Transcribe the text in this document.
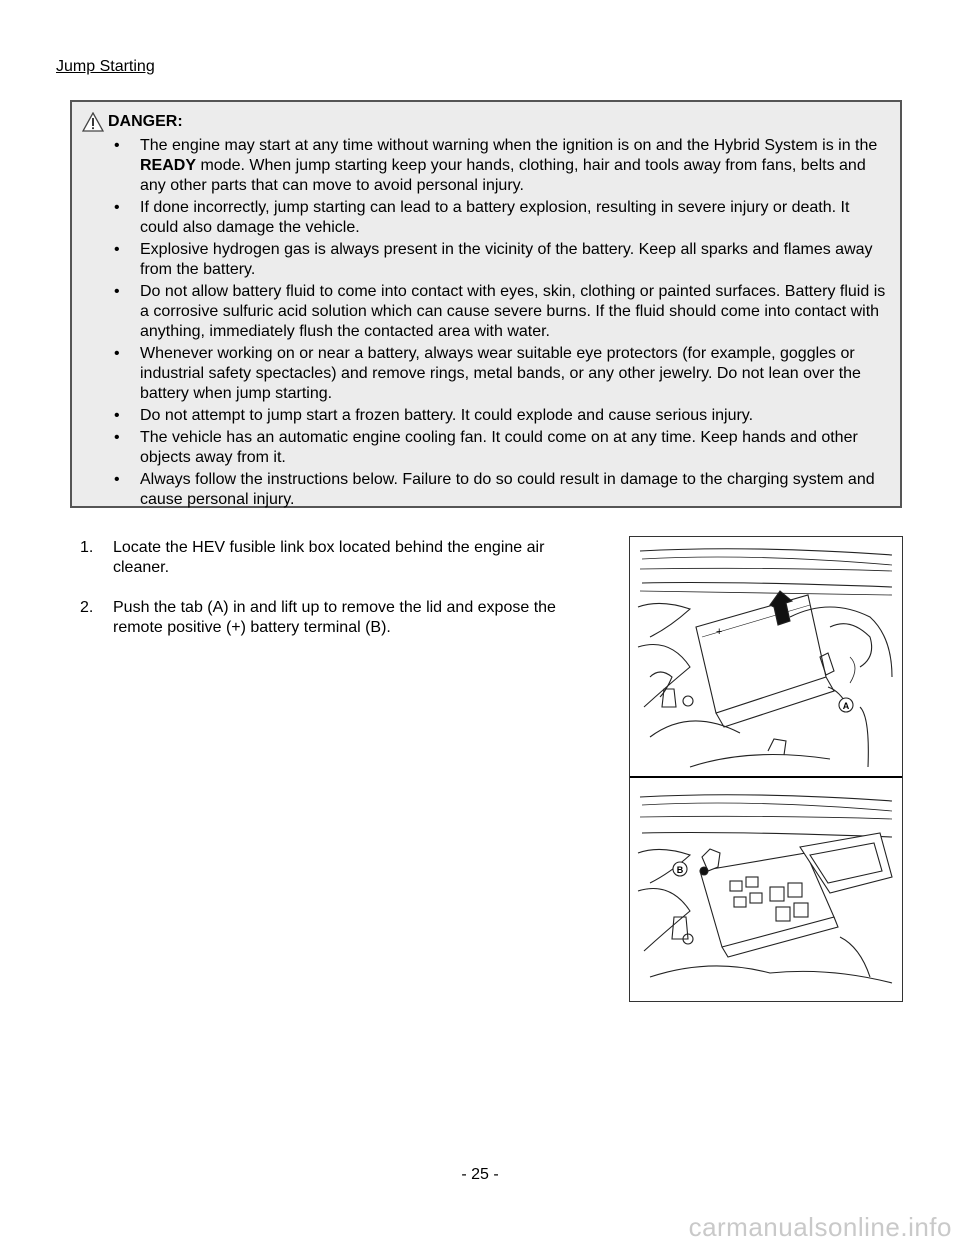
Jump Starting
DANGER:
• The engine may start at any time without warning when the ignition is on and the Hybrid System is in the READY mode. When jump starting keep your hands, clothing, hair and tools away from fans, belts and any other parts that can move to avoid personal injury.
• If done incorrectly, jump starting can lead to a battery explosion, resulting in severe injury or death. It could also damage the vehicle.
• Explosive hydrogen gas is always present in the vicinity of the battery. Keep all sparks and flames away from the battery.
• Do not allow battery fluid to come into contact with eyes, skin, clothing or painted surfaces. Battery fluid is a corrosive sulfuric acid solution which can cause severe burns. If the fluid should come into contact with anything, immediately flush the contacted area with water.
• Whenever working on or near a battery, always wear suitable eye protectors (for example, goggles or industrial safety spectacles) and remove rings, metal bands, or any other jewelry. Do not lean over the battery when jump starting.
• Do not attempt to jump start a frozen battery. It could explode and cause serious injury.
• The vehicle has an automatic engine cooling fan. It could come on at any time. Keep hands and other objects away from it.
• Always follow the instructions below. Failure to do so could result in damage to the charging system and cause personal injury.
1. Locate the HEV fusible link box located behind the engine air cleaner.
2. Push the tab (A) in and lift up to remove the lid and expose the remote positive (+) battery terminal (B).
A
+
B
- 25 -
carmanualsonline.info
